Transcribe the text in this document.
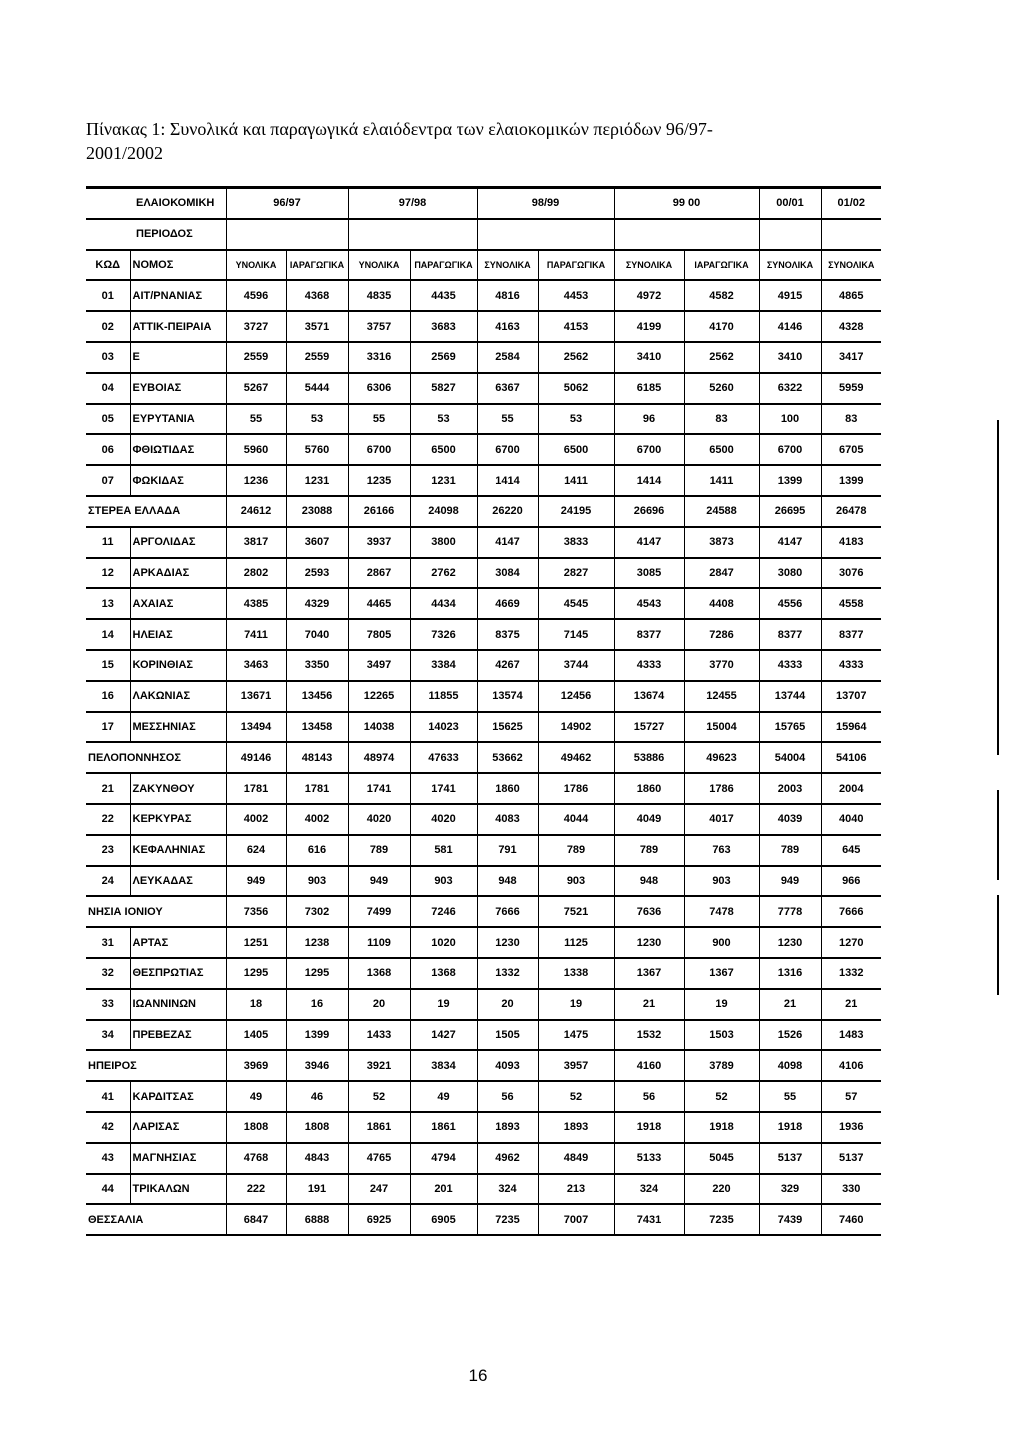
Πίνακας 1: Συνολικά και παραγωγικά ελαιόδεντρα των ελαιοκομικών περιόδων 96/97-
2001/2002
ΕΛΑΙΟΚΟΜΙΚΗ		96/97		97/98		98/99		99 00		00/01	01/02
ΠΕΡΙΟΔΟΣ											
ΚΩΔ	ΝΟΜΟΣ	ΥΝΟΛΙΚΑ	ΙΑΡΑΓΩΓΙΚΑ	ΥΝΟΛΙΚΑ	ΠΑΡΑΓΩΓΙΚΑ	ΣΥΝΟΛΙΚΑ	ΠΑΡΑΓΩΓΙΚΑ	ΣΥΝΟΛΙΚΑ	ΙΑΡΑΓΩΓΙΚΑ	ΣΥΝΟΛΙΚΑ	ΣΥΝΟΛΙΚΑ
01	ΑΙΤ/ΡΝΑΝΙΑΣ	4596	4368	4835	4435	4816	4453	4972	4582	4915	4865
02	ΑΤΤΙΚ-ΠΕΙΡΑΙΑ	3727	3571	3757	3683	4163	4153	4199	4170	4146	4328
03	Ε	2559	2559	3316	2569	2584	2562	3410	2562	3410	3417
04	ΕΥΒΟΙΑΣ	5267	5444	6306	5827	6367	5062	6185	5260	6322	5959
05	ΕΥΡΥΤΑΝΙΑ	55	53	55	53	55	53	96	83	100	83
06	ΦΘΙΩΤΙΔΑΣ	5960	5760	6700	6500	6700	6500	6700	6500	6700	6705
07	ΦΩΚΙΔΑΣ	1236	1231	1235	1231	1414	1411	1414	1411	1399	1399
ΣΤΕΡΕΑ ΕΛΛΑΔΑ		24612	23088	26166	24098	26220	24195	26696	24588	26695	26478
11	ΑΡΓΟΛΙΔΑΣ	3817	3607	3937	3800	4147	3833	4147	3873	4147	4183
12	ΑΡΚΑΔΙΑΣ	2802	2593	2867	2762	3084	2827	3085	2847	3080	3076
13	ΑΧΑΙΑΣ	4385	4329	4465	4434	4669	4545	4543	4408	4556	4558
14	ΗΛΕΙΑΣ	7411	7040	7805	7326	8375	7145	8377	7286	8377	8377
15	ΚΟΡΙΝΘΙΑΣ	3463	3350	3497	3384	4267	3744	4333	3770	4333	4333
16	ΛΑΚΩΝΙΑΣ	13671	13456	12265	11855	13574	12456	13674	12455	13744	13707
17	ΜΕΣΣΗΝΙΑΣ	13494	13458	14038	14023	15625	14902	15727	15004	15765	15964
ΠΕΛΟΠΟΝΝΗΣΟΣ		49146	48143	48974	47633	53662	49462	53886	49623	54004	54106
21	ΖΑΚΥΝΘΟΥ	1781	1781	1741	1741	1860	1786	1860	1786	2003	2004
22	ΚΕΡΚΥΡΑΣ	4002	4002	4020	4020	4083	4044	4049	4017	4039	4040
23	ΚΕΦΑΛΗΝΙΑΣ	624	616	789	581	791	789	789	763	789	645
24	ΛΕΥΚΑΔΑΣ	949	903	949	903	948	903	948	903	949	966
ΝΗΣΙΑ ΙΟΝΙΟΥ		7356	7302	7499	7246	7666	7521	7636	7478	7778	7666
31	ΑΡΤΑΣ	1251	1238	1109	1020	1230	1125	1230	900	1230	1270
32	ΘΕΣΠΡΩΤΙΑΣ	1295	1295	1368	1368	1332	1338	1367	1367	1316	1332
33	ΙΩΑΝΝΙΝΩΝ	18	16	20	19	20	19	21	19	21	21
34	ΠΡΕΒΕΖΑΣ	1405	1399	1433	1427	1505	1475	1532	1503	1526	1483
ΗΠΕΙΡΟΣ		3969	3946	3921	3834	4093	3957	4160	3789	4098	4106
41	ΚΑΡΔΙΤΣΑΣ	49	46	52	49	56	52	56	52	55	57
42	ΛΑΡΙΣΑΣ	1808	1808	1861	1861	1893	1893	1918	1918	1918	1936
43	ΜΑΓΝΗΣΙΑΣ	4768	4843	4765	4794	4962	4849	5133	5045	5137	5137
44	ΤΡΙΚΑΛΩΝ	222	191	247	201	324	213	324	220	329	330
ΘΕΣΣΑΛΙΑ		6847	6888	6925	6905	7235	7007	7431	7235	7439	7460
16
